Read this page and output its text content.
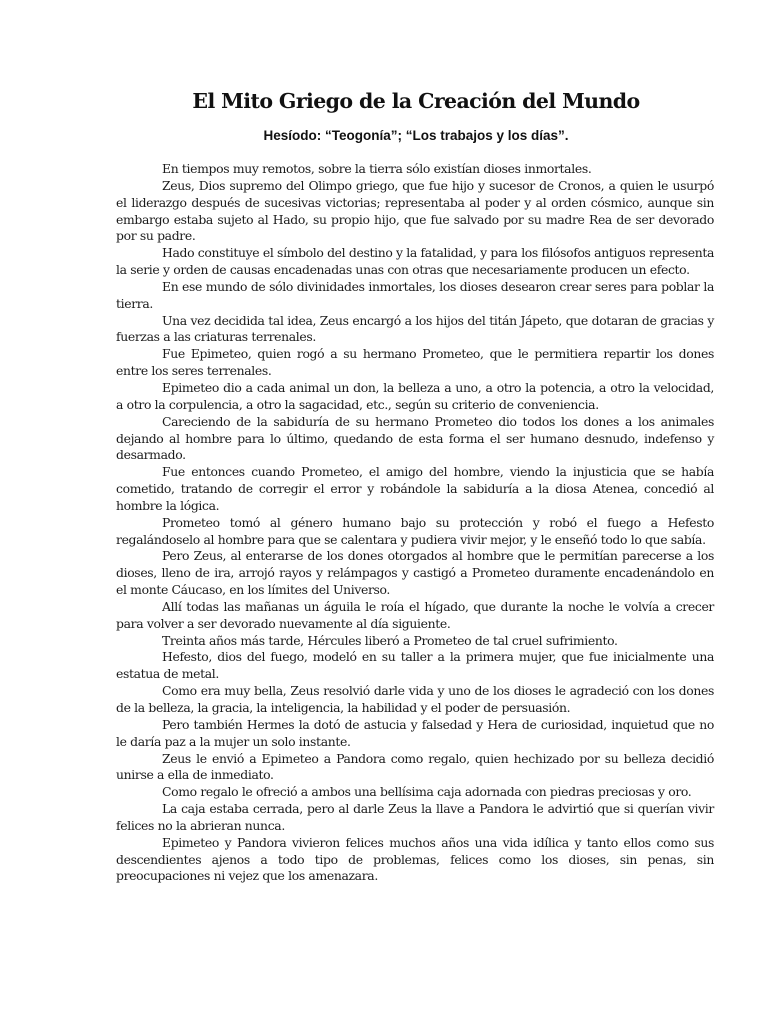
El Mito Griego de la Creación del Mundo
Hesíodo: “Teogonía”; “Los trabajos y los días”.

En tiempos muy remotos, sobre la tierra sólo existían dioses inmortales.

Zeus, Dios supremo del Olimpo griego, que fue hijo y sucesor de Cronos, a quien le usurpó el liderazgo después de sucesivas victorias; representaba al poder y al orden cósmico, aunque sin embargo estaba sujeto al Hado, su propio hijo, que fue salvado por su madre Rea de ser devorado por su padre.

Hado constituye el símbolo del destino y la fatalidad, y para los filósofos antiguos representa la serie y orden de causas encadenadas unas con otras que necesariamente producen un efecto.

En ese mundo de sólo divinidades inmortales, los dioses desearon crear seres para poblar la tierra.

Una vez decidida tal idea, Zeus encargó a los hijos del titán Jápeto, que dotaran de gracias y fuerzas a las criaturas terrenales.

Fue Epimeteo, quien rogó a su hermano Prometeo, que le permitiera repartir los dones entre los seres terrenales.

Epimeteo dio a cada animal un don, la belleza a uno, a otro la potencia, a otro la velocidad, a otro la corpulencia, a otro la sagacidad, etc., según su criterio de conveniencia.

Careciendo de la sabiduría de su hermano Prometeo dio todos los dones a los animales dejando al hombre para lo último, quedando de esta forma el ser humano desnudo, indefenso y desarmado.

Fue entonces cuando Prometeo, el amigo del hombre, viendo la injusticia que se había cometido, tratando de corregir el error y robándole la sabiduría a la diosa Atenea, concedió al hombre la lógica.

Prometeo tomó al género humano bajo su protección y robó el fuego a Hefesto regalándoselo al hombre para que se calentara y pudiera vivir mejor, y le enseñó todo lo que sabía.

Pero Zeus, al enterarse de los dones otorgados al hombre que le permitían parecerse a los dioses, lleno de ira, arrojó rayos y relámpagos y castigó a Prometeo duramente encadenándolo en el monte Cáucaso, en los límites del Universo.

Allí todas las mañanas un águila le roía el hígado, que durante la noche le volvía a crecer para volver a ser devorado nuevamente al día siguiente.

Treinta años más tarde, Hércules liberó a Prometeo de tal cruel sufrimiento.

Hefesto, dios del fuego, modeló en su taller a la primera mujer, que fue inicialmente una estatua de metal.

Como era muy bella, Zeus resolvió darle vida y uno de los dioses le agradeció con los dones de la belleza, la gracia, la inteligencia, la habilidad y el poder de persuasión.

Pero también Hermes la dotó de astucia y falsedad y Hera de curiosidad, inquietud que no le daría paz a la mujer un solo instante.

Zeus le envió a Epimeteo a Pandora como regalo, quien hechizado por su belleza decidió unirse a ella de inmediato.

Como regalo le ofreció a ambos una bellísima caja adornada con piedras preciosas y oro.

La caja estaba cerrada, pero al darle Zeus la llave a Pandora le advirtió que si querían vivir felices no la abrieran nunca.

Epimeteo y Pandora vivieron felices muchos años una vida idílica y tanto ellos como sus descendientes ajenos a todo tipo de problemas, felices como los dioses, sin penas, sin preocupaciones ni vejez que los amenazara.
